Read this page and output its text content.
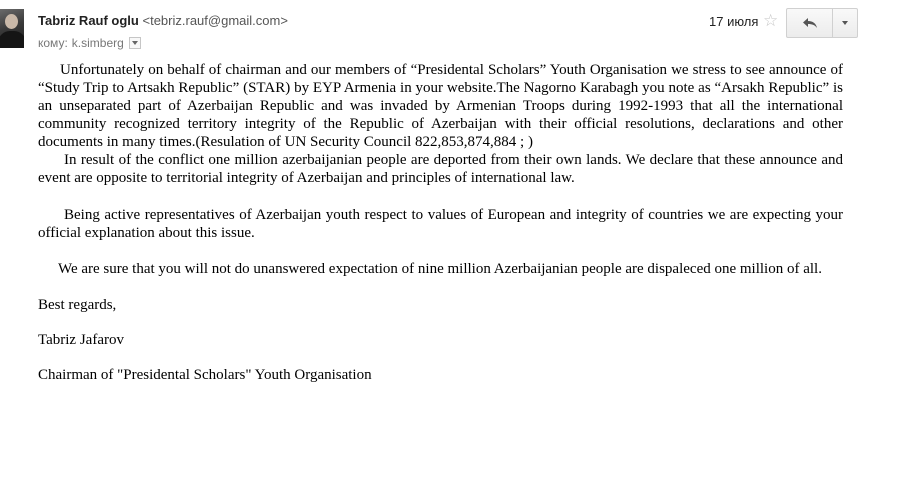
Tabriz Rauf oglu <tebriz.rauf@gmail.com>
кому: k.simberg
17 июля ☆

Unfortunately on behalf of chairman and our members of “Presidental Scholars” Youth Organisation we stress to see announce of “Study Trip to Artsakh Republic” (STAR) by EYP Armenia in your website.The Nagorno Karabagh you note as “Arsakh Republic” is an unseparated part of Azerbaijan Republic and was invaded by Armenian Troops during 1992-1993 that all the international community recognized territory integrity of the Republic of Azerbaijan with their official resolutions, declarations and other documents in many times.(Resulation of UN Security Council 822,853,874,884 ; )

In result of the conflict one million azerbaijanian people are deported from their own lands. We declare that these announce and event are opposite to territorial integrity of Azerbaijan and principles of international law.

Being active representatives of Azerbaijan youth respect to values of European and integrity of countries we are expecting your official explanation about this issue.

We are sure that you will not do unanswered expectation of nine million Azerbaijanian people are dispaleced one million of all.

Best regards,

Tabriz Jafarov

Chairman of "Presidental Scholars" Youth Organisation
